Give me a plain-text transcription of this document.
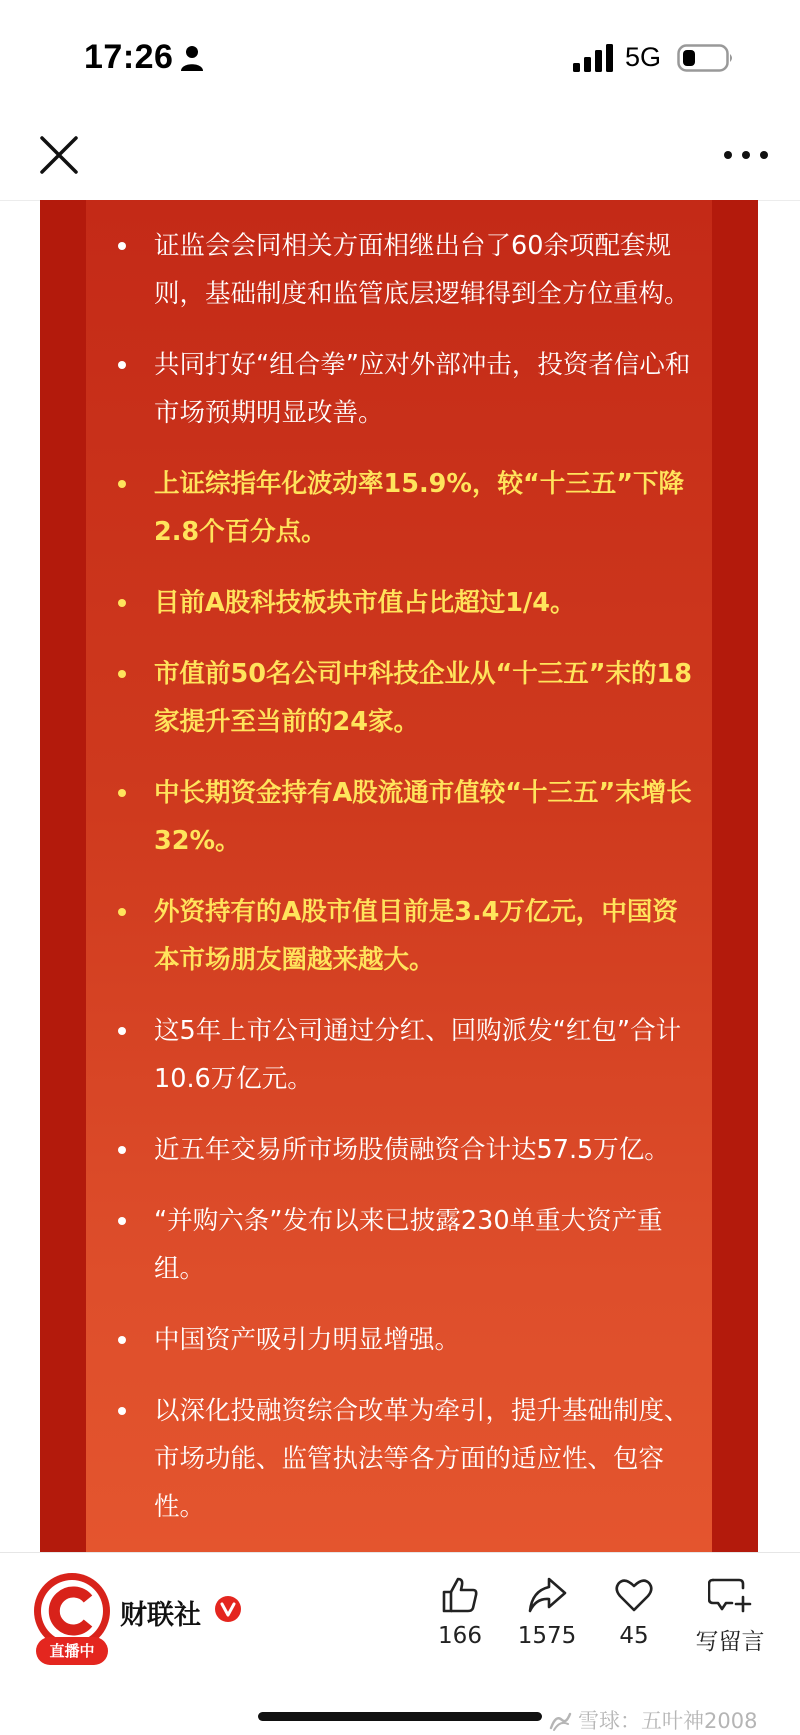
17:26	5G
证监会会同相关方面相继出台了60余项配套规则，基础制度和监管底层逻辑得到全方位重构。
共同打好“组合拳”应对外部冲击，投资者信心和市场预期明显改善。
上证综指年化波动率15.9%，较“十三五”下降2.8个百分点。
目前A股科技板块市值占比超过1/4。
市值前50名公司中科技企业从“十三五”末的18家提升至当前的24家。
中长期资金持有A股流通市值较“十三五”末增长32%。
外资持有的A股市值目前是3.4万亿元，中国资本市场朋友圈越来越大。
这5年上市公司通过分红、回购派发“红包”合计10.6万亿元。
近五年交易所市场股债融资合计达57.5万亿。
“并购六条”发布以来已披露230单重大资产重组。
中国资产吸引力明显增强。
以深化投融资综合改革为牵引，提升基础制度、市场功能、监管执法等各方面的适应性、包容性。
直播中
财联社
166	1575	45	写留言
雪球：五叶神2008
